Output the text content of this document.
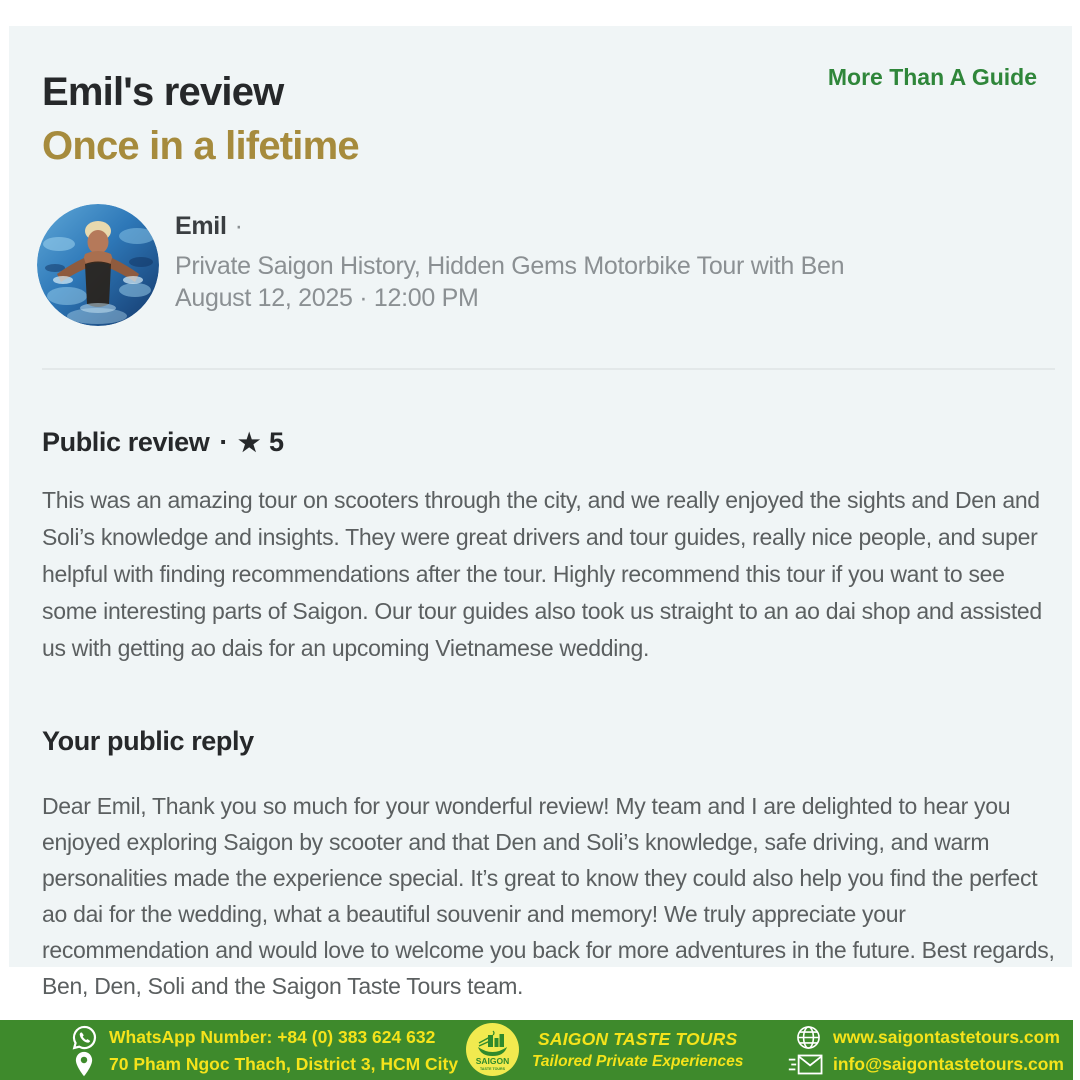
Emil's review
Once in a lifetime
More Than A Guide
Emil ·
Private Saigon History, Hidden Gems Motorbike Tour with Ben
August 12, 2025 · 12:00 PM
Public review · ★ 5

This was an amazing tour on scooters through the city, and we really enjoyed the sights and Den and Soli’s knowledge and insights. They were great drivers and tour guides, really nice people, and super helpful with finding recommendations after the tour. Highly recommend this tour if you want to see some interesting parts of Saigon. Our tour guides also took us straight to an ao dai shop and assisted us with getting ao dais for an upcoming Vietnamese wedding.

Your public reply

Dear Emil, Thank you so much for your wonderful review! My team and I are delighted to hear you enjoyed exploring Saigon by scooter and that Den and Soli’s knowledge, safe driving, and warm personalities made the experience special. It’s great to know they could also help you find the perfect ao dai for the wedding, what a beautiful souvenir and memory! We truly appreciate your recommendation and would love to welcome you back for more adventures in the future. Best regards, Ben, Den, Soli and the Saigon Taste Tours team.

WhatsApp Number: +84 (0) 383 624 632
70 Pham Ngoc Thach, District 3, HCM City SAIGON
TASTE TOURS
SAIGON TASTE TOURS
Tailored Private Experiences
www.saigontastetours.com
info@saigontastetours.com
